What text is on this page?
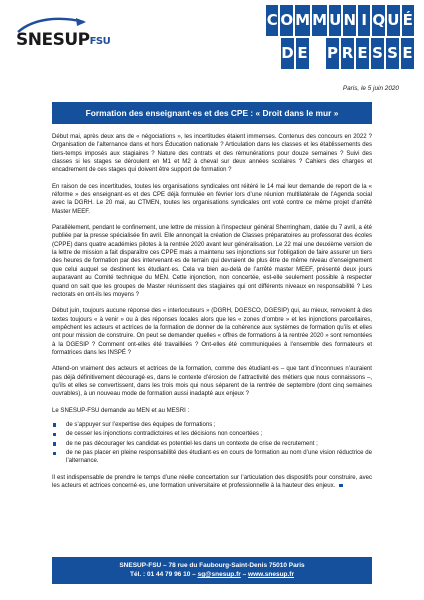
SNESUPFSU
C O M M U N I Q U É
D E P R E S S E
Paris, le 5 juin 2020
Formation des enseignant·es et des CPE : « Droit dans le mur »

Début mai, après deux ans de « négociations », les incertitudes étaient immenses. Contenus des concours en 2022 ? Organisation de l’alternance dans et hors Éducation nationale ? Articulation dans les classes et les établissements des tiers-temps imposés aux stagiaires ? Nature des contrats et des rémunérations pour douze semaines ? Suivi des classes si les stages se déroulent en M1 et M2 à cheval sur deux années scolaires ? Cahiers des charges et encadrement de ces stages qui doivent être support de formation ?

En raison de ces incertitudes, toutes les organisations syndicales ont réitéré le 14 mai leur demande de report de la « réforme » des enseignant·es et des CPE déjà formulée en février lors d’une réunion multilatérale de l’Agenda social avec la DGRH. Le 20 mai, au CTMEN, toutes les organisations syndicales ont voté contre ce même projet d’arrêté Master MEEF.

Parallèlement, pendant le confinement, une lettre de mission à l’inspecteur général Sherringham, datée du 7 avril, a été publiée par la presse spécialisée fin avril. Elle annonçait la création de Classes préparatoires au professorat des écoles (CPPE) dans quatre académies pilotes à la rentrée 2020 avant leur généralisation. Le 22 mai une deuxième version de la lettre de mission a fait disparaître ces CPPE mais a maintenu ses injonctions sur l’obligation de faire assurer un tiers des heures de formation par des intervenant·es de terrain qui devraient de plus être de même niveau d’enseignement que celui auquel se destinent les étudiant·es. Cela va bien au-delà de l’arrêté master MEEF, présenté deux jours auparavant au Comité technique du MEN. Cette injonction, non concertée, est-elle seulement possible à respecter quand on sait que les groupes de Master réunissent des stagiaires qui ont différents niveaux en responsabilité ? Les rectorats en ont-ils les moyens ?

Début juin, toujours aucune réponse des « interlocuteurs » (DGRH, DGESCO, DGESIP) qui, au mieux, renvoient à des textes toujours « à venir » ou à des réponses locales alors que les « zones d’ombre » et les injonctions parcellaires, empêchent les acteurs et actrices de la formation de donner de la cohérence aux systèmes de formation qu’ils et elles ont pour mission de construire. On peut se demander quelles « offres de formations à la rentrée 2020 » sont remontées à la DGESIP ? Comment ont-elles été travaillées ? Ont-elles été communiquées à l’ensemble des formateurs et formatrices dans les INSPÉ ?

Attend-on vraiment des acteurs et actrices de la formation, comme des étudiant·es – que tant d’inconnues n’auraient pas déjà définitivement découragé·es, dans le contexte d’érosion de l’attractivité des métiers que nous connaissons –, qu’ils et elles se convertissent, dans les trois mois qui nous séparent de la rentrée de septembre (dont cinq semaines ouvrables), à un nouveau mode de formation aussi inadapté aux enjeux ?

Le SNESUP-FSU demande au MEN et au MESRI :

de s’appuyer sur l’expertise des équipes de formations ;
de cesser les injonctions contradictoires et les décisions non concertées ;
de ne pas décourager les candidat·es potentiel·les dans un contexte de crise de recrutement ;
de ne pas placer en pleine responsabilité des étudiant·es en cours de formation au nom d’une vision réductrice de l’alternance.

Il est indispensable de prendre le temps d’une réelle concertation sur l’articulation des dispositifs pour construire, avec les acteurs et actrices concerné·es, une formation universitaire et professionnelle à la hauteur des enjeux.

SNESUP-FSU – 78 rue du Faubourg-Saint-Denis 75010 Paris
Tél. : 01 44 79 96 10 – sg@snesup.fr – www.snesup.fr
